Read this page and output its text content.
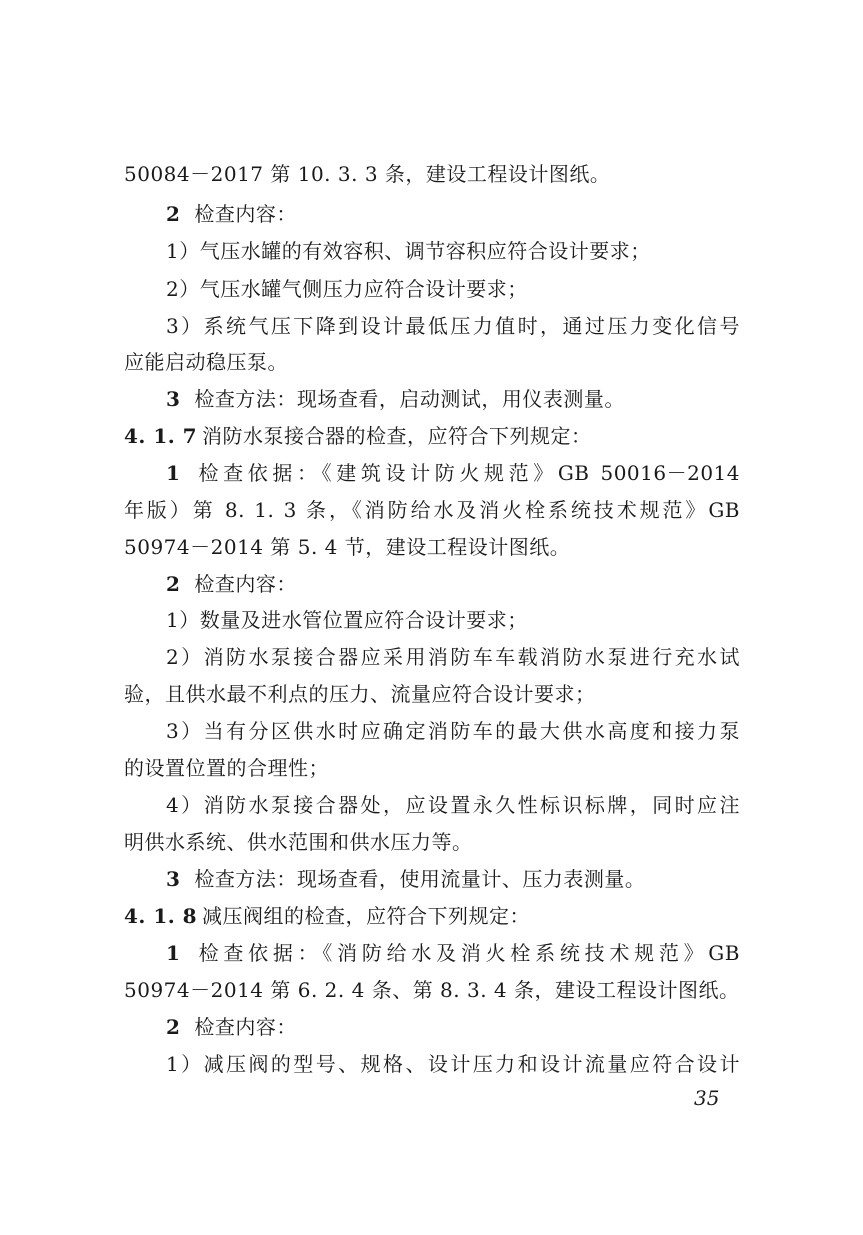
50084－2017 第 10. 3. 3 条，建设工程设计图纸。
2 检查内容：
1）气压水罐的有效容积、调节容积应符合设计要求；
2）气压水罐气侧压力应符合设计要求；
3）系统气压下降到设计最低压力值时，通过压力变化信号
应能启动稳压泵。
3 检查方法：现场查看，启动测试，用仪表测量。
4. 1. 7 消防水泵接合器的检查，应符合下列规定：
1 检查依据：《建筑设计防火规范》GB 50016－2014
年版）第 8. 1. 3 条，《消防给水及消火栓系统技术规范》GB
50974－2014 第 5. 4 节，建设工程设计图纸。
2 检查内容：
1）数量及进水管位置应符合设计要求；
2）消防水泵接合器应采用消防车车载消防水泵进行充水试
验，且供水最不利点的压力、流量应符合设计要求；
3）当有分区供水时应确定消防车的最大供水高度和接力泵
的设置位置的合理性；
4）消防水泵接合器处，应设置永久性标识标牌，同时应注
明供水系统、供水范围和供水压力等。
3 检查方法：现场查看，使用流量计、压力表测量。
4. 1. 8 减压阀组的检查，应符合下列规定：
1 检查依据：《消防给水及消火栓系统技术规范》GB
50974－2014 第 6. 2. 4 条、第 8. 3. 4 条，建设工程设计图纸。
2 检查内容：
1）减压阀的型号、规格、设计压力和设计流量应符合设计
35
